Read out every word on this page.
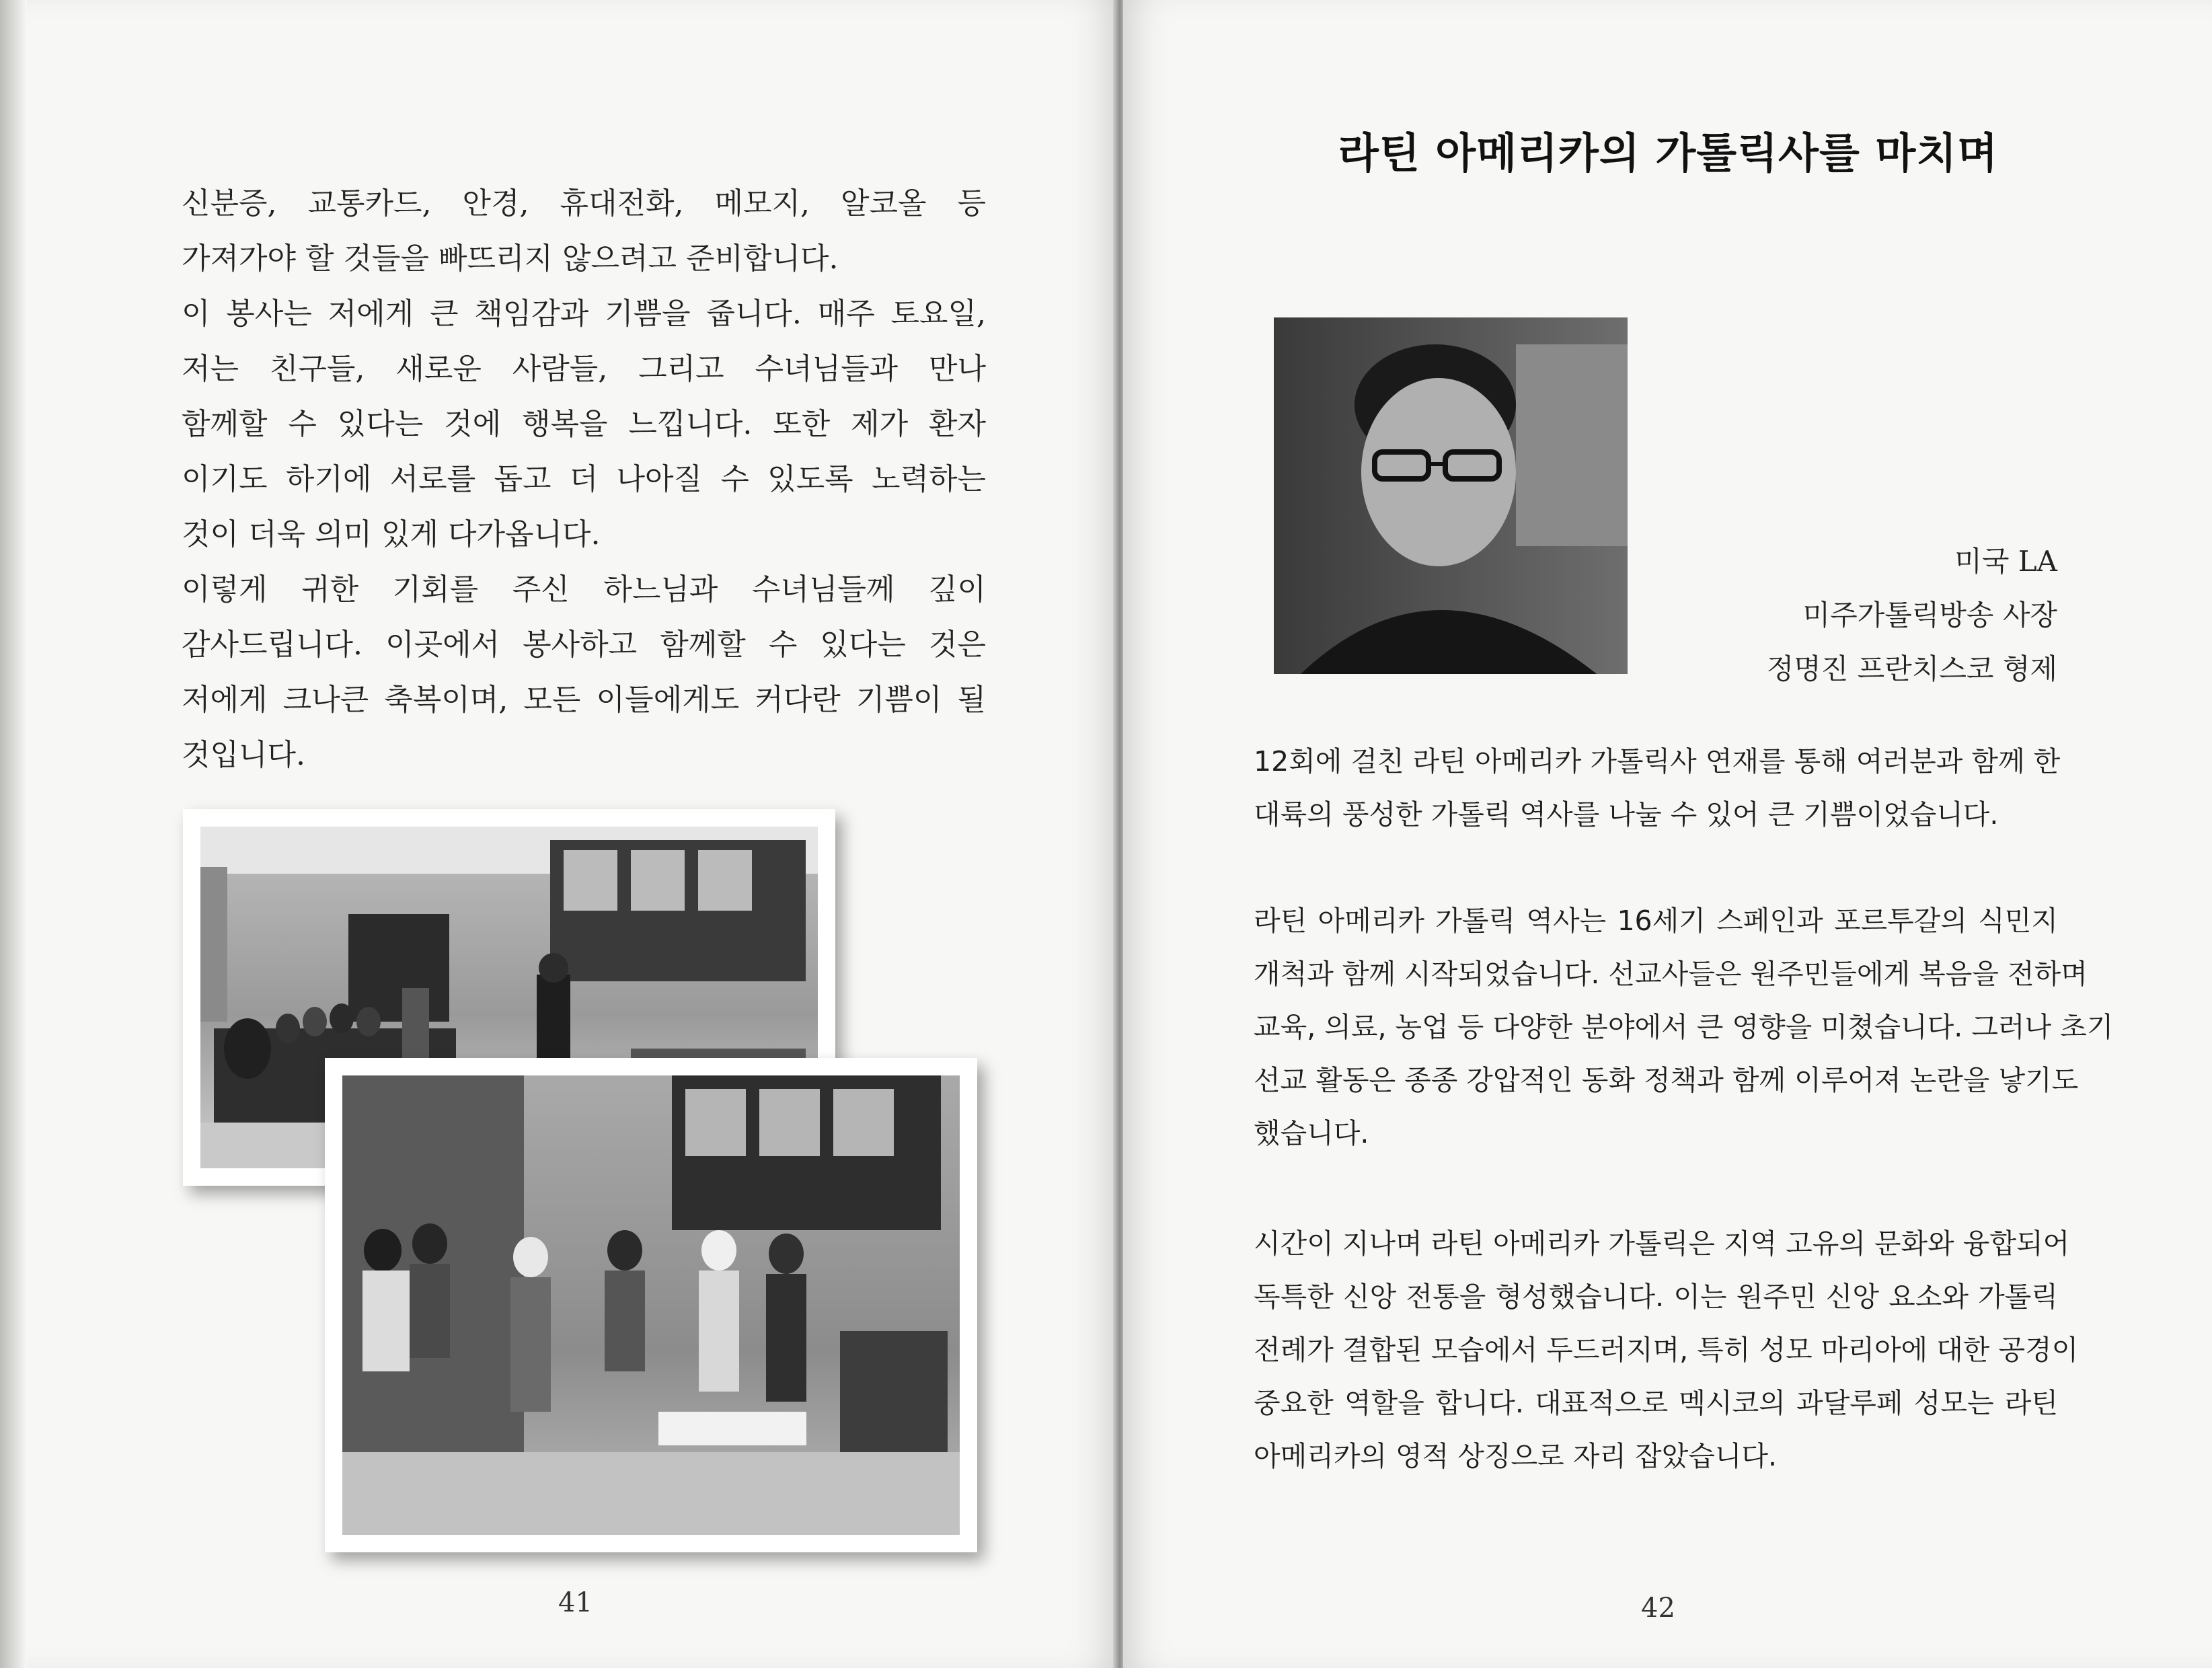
신분증, 교통카드, 안경, 휴대전화, 메모지, 알코올 등
가져가야 할 것들을 빠뜨리지 않으려고 준비합니다.
이 봉사는 저에게 큰 책임감과 기쁨을 줍니다. 매주 토요일,
저는 친구들, 새로운 사람들, 그리고 수녀님들과 만나
함께할 수 있다는 것에 행복을 느낍니다. 또한 제가 환자
이기도 하기에 서로를 돕고 더 나아질 수 있도록 노력하는
것이 더욱 의미 있게 다가옵니다.
이렇게 귀한 기회를 주신 하느님과 수녀님들께 깊이
감사드립니다. 이곳에서 봉사하고 함께할 수 있다는 것은
저에게 크나큰 축복이며, 모든 이들에게도 커다란 기쁨이 될
것입니다.
41
라틴 아메리카의 가톨릭사를 마치며
미국 LA
미주가톨릭방송 사장
정명진 프란치스코 형제
12회에 걸친 라틴 아메리카 가톨릭사 연재를 통해 여러분과 함께 한
대륙의 풍성한 가톨릭 역사를 나눌 수 있어 큰 기쁨이었습니다.
라틴 아메리카 가톨릭 역사는 16세기 스페인과 포르투갈의 식민지
개척과 함께 시작되었습니다. 선교사들은 원주민들에게 복음을 전하며
교육, 의료, 농업 등 다양한 분야에서 큰 영향을 미쳤습니다. 그러나 초기
선교 활동은 종종 강압적인 동화 정책과 함께 이루어져 논란을 낳기도
했습니다.
시간이 지나며 라틴 아메리카 가톨릭은 지역 고유의 문화와 융합되어
독특한 신앙 전통을 형성했습니다. 이는 원주민 신앙 요소와 가톨릭
전례가 결합된 모습에서 두드러지며, 특히 성모 마리아에 대한 공경이
중요한 역할을 합니다. 대표적으로 멕시코의 과달루페 성모는 라틴
아메리카의 영적 상징으로 자리 잡았습니다.
42
